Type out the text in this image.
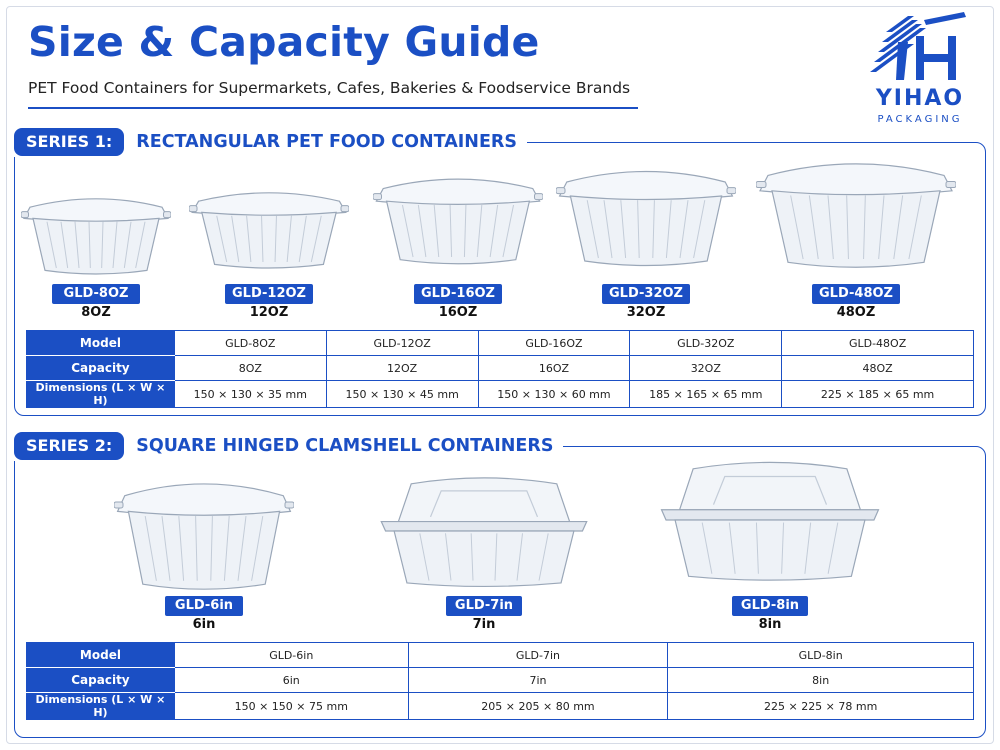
Size & Capacity Guide
PET Food Containers for Supermarkets, Cafes, Bakeries & Foodservice Brands	YIHAO
PACKAGING
SERIES 1:	RECTANGULAR PET FOOD CONTAINERS
GLD-8OZ
8OZ
GLD-12OZ
12OZ
GLD-16OZ
16OZ
GLD-32OZ
32OZ
GLD-48OZ
48OZ
Model	GLD-8OZ	GLD-12OZ	GLD-16OZ	GLD-32OZ	GLD-48OZ
Capacity	8OZ	12OZ	16OZ	32OZ	48OZ
Dimensions (L × W × H)	150 × 130 × 35 mm	150 × 130 × 45 mm	150 × 130 × 60 mm	185 × 165 × 65 mm	225 × 185 × 65 mm
SERIES 2:	SQUARE HINGED CLAMSHELL CONTAINERS
GLD-6in
6in
GLD-7in
7in
GLD-8in
8in
Model	GLD-6in	GLD-7in	GLD-8in
Capacity	6in	7in	8in
Dimensions (L × W × H)	150 × 150 × 75 mm	205 × 205 × 80 mm	225 × 225 × 78 mm
